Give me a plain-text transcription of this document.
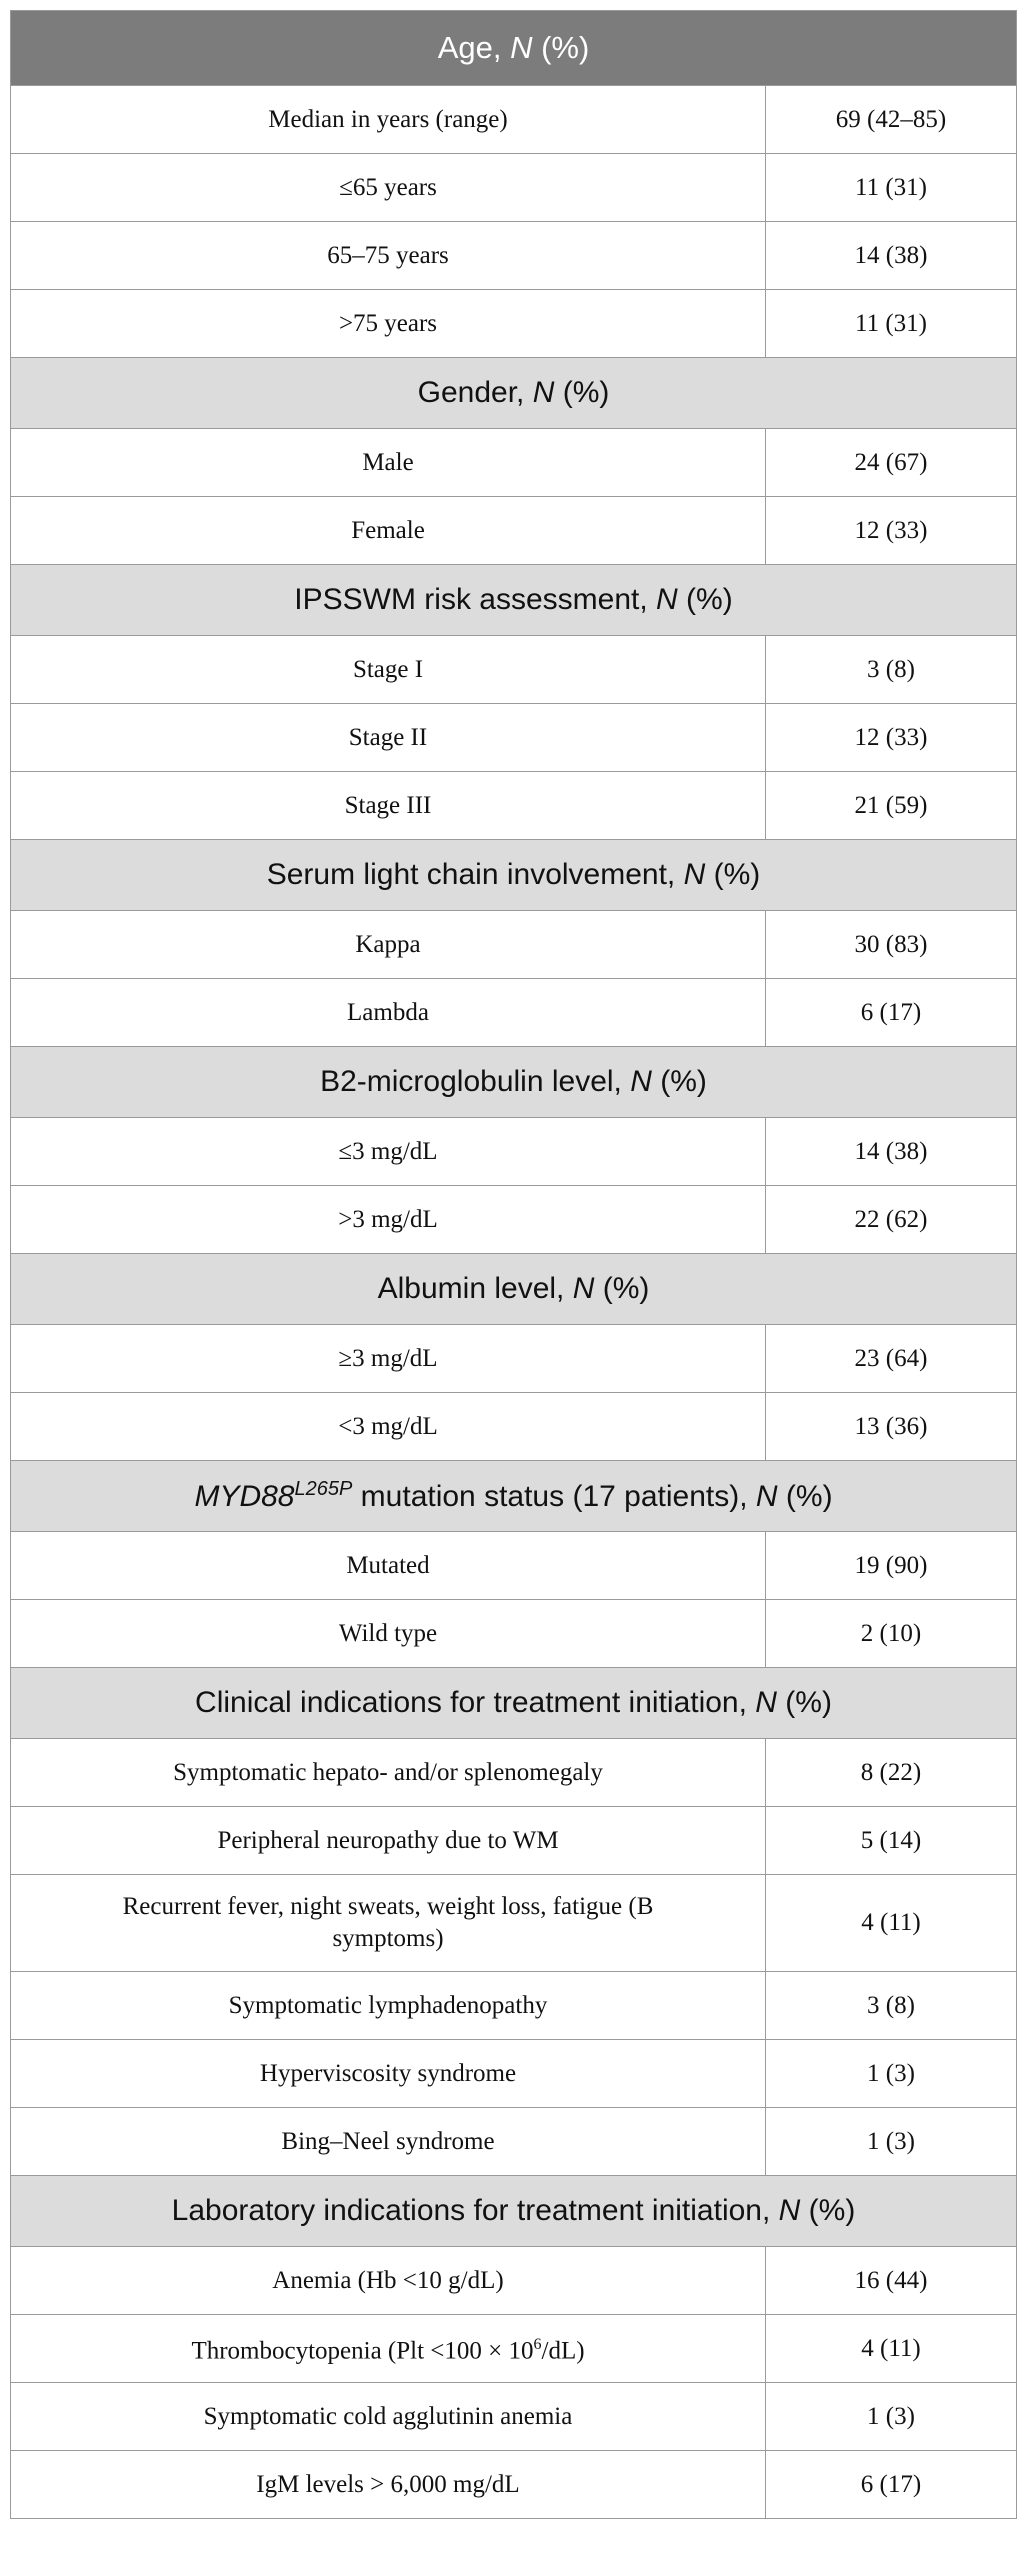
Age, N (%)	
Median in years (range)	69 (42–85)
≤65 years	11 (31)
65–75 years	14 (38)
>75 years	11 (31)
Gender, N (%)	
Male	24 (67)
Female	12 (33)
IPSSWM risk assessment, N (%)	
Stage I	3 (8)
Stage II	12 (33)
Stage III	21 (59)
Serum light chain involvement, N (%)	
Kappa	30 (83)
Lambda	6 (17)
B2-microglobulin level, N (%)	
≤3 mg/dL	14 (38)
>3 mg/dL	22 (62)
Albumin level, N (%)	
≥3 mg/dL	23 (64)
<3 mg/dL	13 (36)
$MYD88^{L265P}$ mutation status (17 patients), N (%)	
Mutated	19 (90)
Wild type	2 (10)
Clinical indications for treatment initiation, N (%)	
Symptomatic hepato- and/or splenomegaly	8 (22)
Peripheral neuropathy due to WM	5 (14)
Recurrent fever, night sweats, weight loss, fatigue (B symptoms)	4 (11)
Symptomatic lymphadenopathy	3 (8)
Hyperviscosity syndrome	1 (3)
Bing–Neel syndrome	1 (3)
Laboratory indications for treatment initiation, N (%)	
Anemia (Hb <10 g/dL)	16 (44)
Thrombocytopenia $(Plt <100 \times 10^6/dL)$	4 (11)
Symptomatic cold agglutinin anemia	1 (3)
IgM levels > 6,000 mg/dL	6 (17)
